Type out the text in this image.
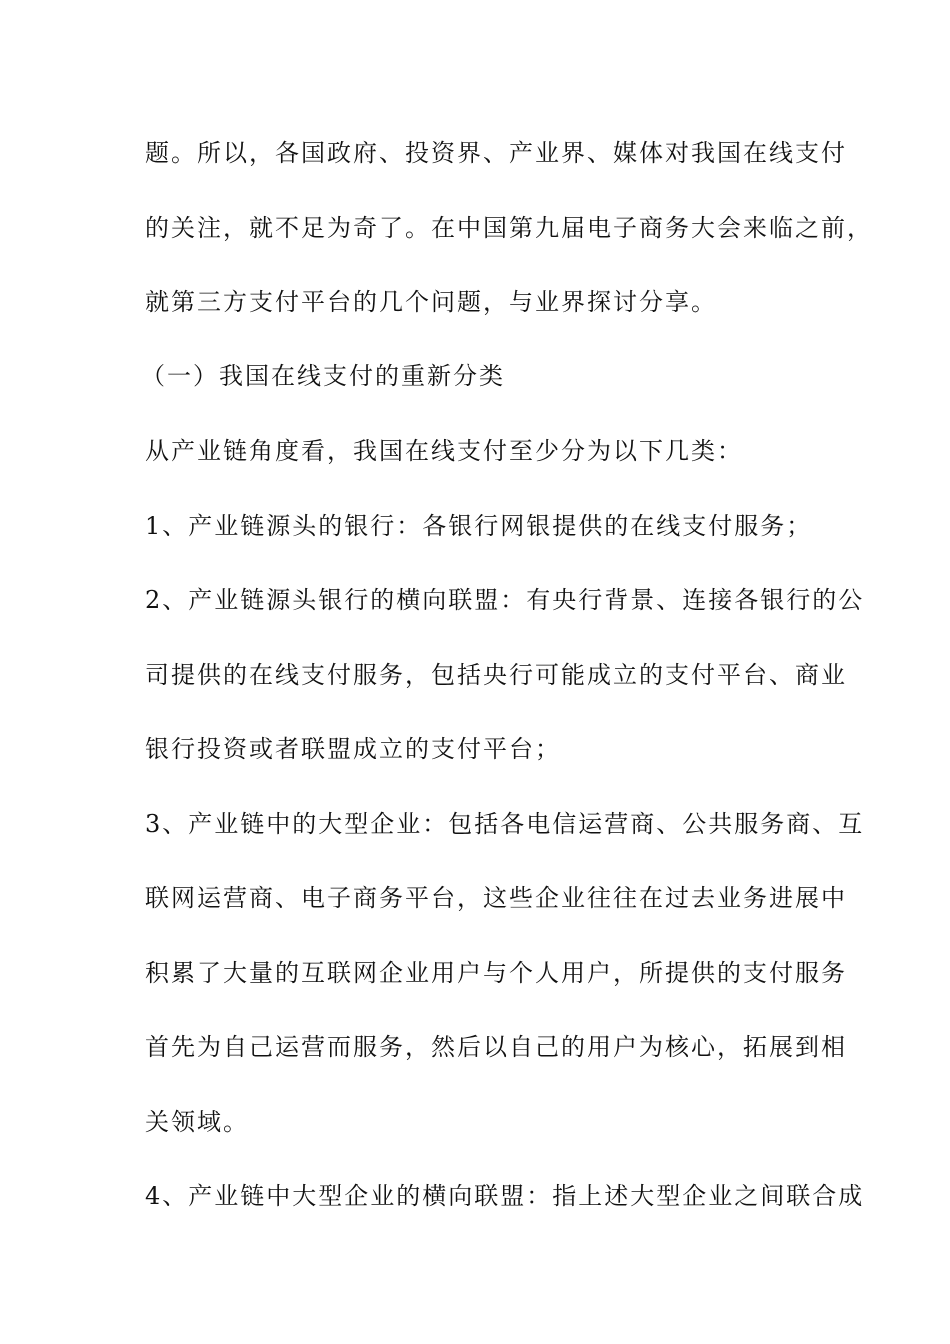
题。所以，各国政府、投资界、产业界、媒体对我国在线支付
的关注，就不足为奇了。在中国第九届电子商务大会来临之前，
就第三方支付平台的几个问题，与业界探讨分享。
（一）我国在线支付的重新分类
从产业链角度看，我国在线支付至少分为以下几类：
1、产业链源头的银行：各银行网银提供的在线支付服务；
2、产业链源头银行的横向联盟：有央行背景、连接各银行的公
司提供的在线支付服务，包括央行可能成立的支付平台、商业
银行投资或者联盟成立的支付平台；
3、产业链中的大型企业：包括各电信运营商、公共服务商、互
联网运营商、电子商务平台，这些企业往往在过去业务进展中
积累了大量的互联网企业用户与个人用户，所提供的支付服务
首先为自己运营而服务，然后以自己的用户为核心，拓展到相
关领域。
4、产业链中大型企业的横向联盟：指上述大型企业之间联合成
